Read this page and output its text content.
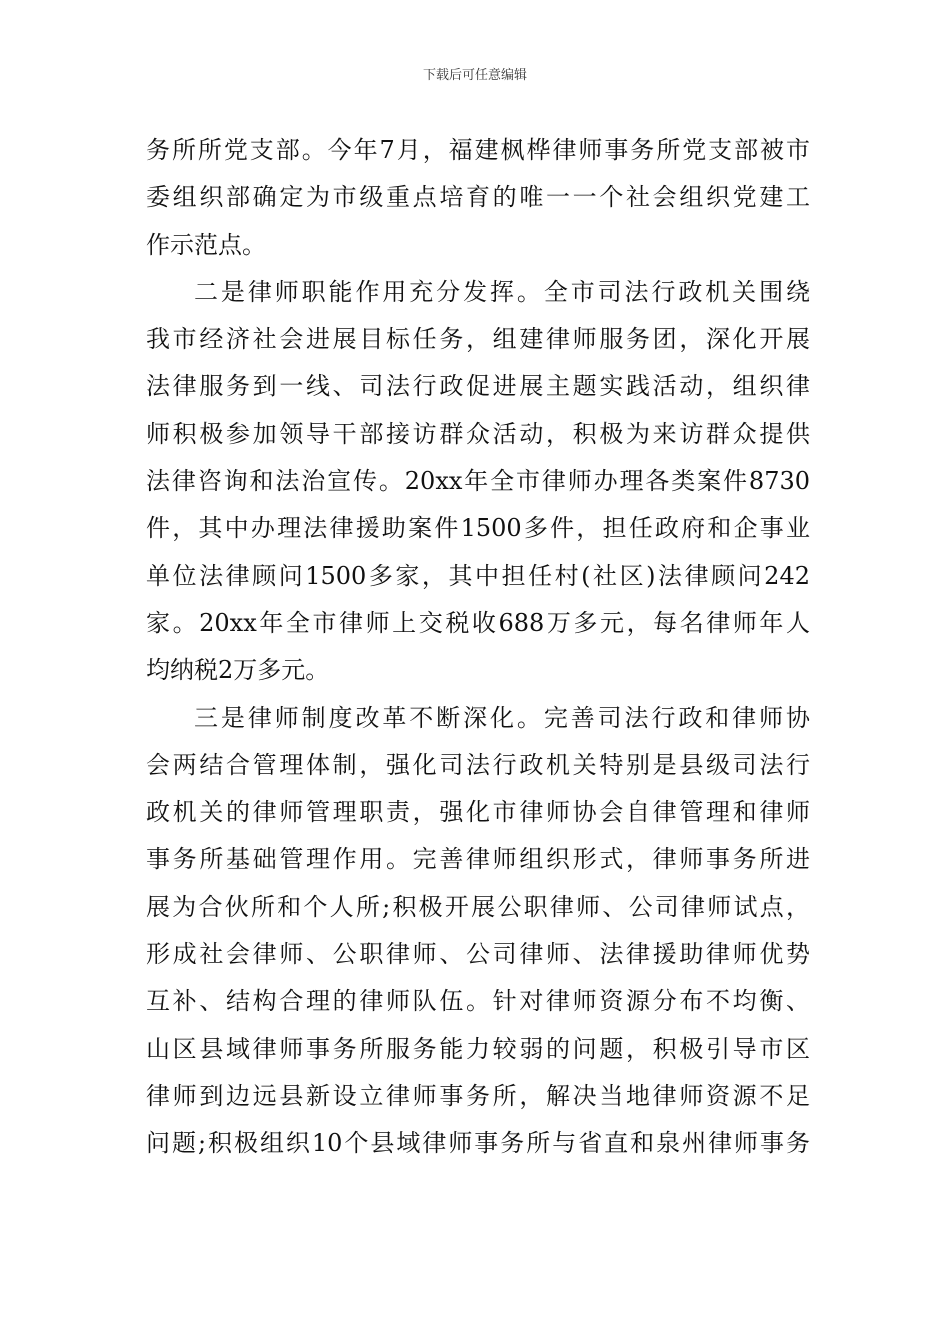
下载后可任意编辑
务所所党支部。今年7月，福建枫桦律师事务所党支部被市
委组织部确定为市级重点培育的唯一一个社会组织党建工
作示范点。
二是律师职能作用充分发挥。全市司法行政机关围绕
我市经济社会进展目标任务，组建律师服务团，深化开展
法律服务到一线、司法行政促进展主题实践活动，组织律
师积极参加领导干部接访群众活动，积极为来访群众提供
法律咨询和法治宣传。20xx年全市律师办理各类案件8730
件，其中办理法律援助案件1500多件，担任政府和企事业
单位法律顾问1500多家，其中担任村(社区)法律顾问242
家。20xx年全市律师上交税收688万多元，每名律师年人
均纳税2万多元。
三是律师制度改革不断深化。完善司法行政和律师协
会两结合管理体制，强化司法行政机关特别是县级司法行
政机关的律师管理职责，强化市律师协会自律管理和律师
事务所基础管理作用。完善律师组织形式，律师事务所进
展为合伙所和个人所;积极开展公职律师、公司律师试点，
形成社会律师、公职律师、公司律师、法律援助律师优势
互补、结构合理的律师队伍。针对律师资源分布不均衡、
山区县域律师事务所服务能力较弱的问题，积极引导市区
律师到边远县新设立律师事务所，解决当地律师资源不足
问题;积极组织10个县域律师事务所与省直和泉州律师事务
